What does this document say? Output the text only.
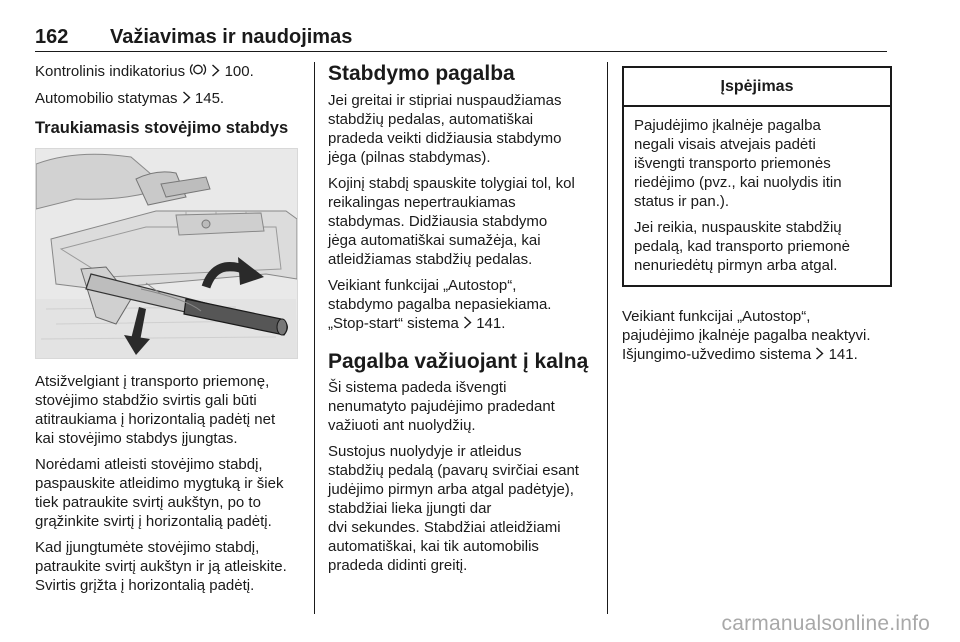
162 Važiavimas ir naudojimas

Kontrolinis indikatorius   100.

Automobilio statymas  145.

Traukiamasis stovėjimo stabdys

Atsižvelgiant į transporto priemonę,
stovėjimo stabdžio svirtis gali būti
atitraukiama į horizontalią padėtį net
kai stovėjimo stabdys įjungtas.

Norėdami atleisti stovėjimo stabdį,
paspauskite atleidimo mygtuką ir šiek
tiek patraukite svirtį aukštyn, po to
grąžinkite svirtį į horizontalią padėtį.

Kad įjungtumėte stovėjimo stabdį,
patraukite svirtį aukštyn ir ją atleiskite.
Svirtis grįžta į horizontalią padėtį.

Stabdymo pagalba

Jei greitai ir stipriai nuspaudžiamas
stabdžių pedalas, automatiškai
pradeda veikti didžiausia stabdymo
jėga (pilnas stabdymas).

Kojinį stabdį spauskite tolygiai tol, kol
reikalingas nepertraukiamas
stabdymas. Didžiausia stabdymo
jėga automatiškai sumažėja, kai
atleidžiamas stabdžių pedalas.

Veikiant funkcijai „Autostop“,
stabdymo pagalba nepasiekiama.
„Stop-start“ sistema  141.

Pagalba važiuojant į kalną

Ši sistema padeda išvengti
nenumatyto pajudėjimo pradedant
važiuoti ant nuolydžių.

Sustojus nuolydyje ir atleidus
stabdžių pedalą (pavarų svirčiai esant
judėjimo pirmyn arba atgal padėtyje),
stabdžiai lieka įjungti dar
dvi sekundes. Stabdžiai atleidžiami
automatiškai, kai tik automobilis
pradeda didinti greitį.

Įspėjimas

Pajudėjimo įkalnėje pagalba
negali visais atvejais padėti
išvengti transporto priemonės
riedėjimo (pvz., kai nuolydis itin
status ir pan.).

Jei reikia, nuspauskite stabdžių
pedalą, kad transporto priemonė
nenuriedėtų pirmyn arba atgal.

Veikiant funkcijai „Autostop“,
pajudėjimo įkalnėje pagalba neaktyvi.
Išjungimo-užvedimo sistema  141.

carmanualsonline.info
